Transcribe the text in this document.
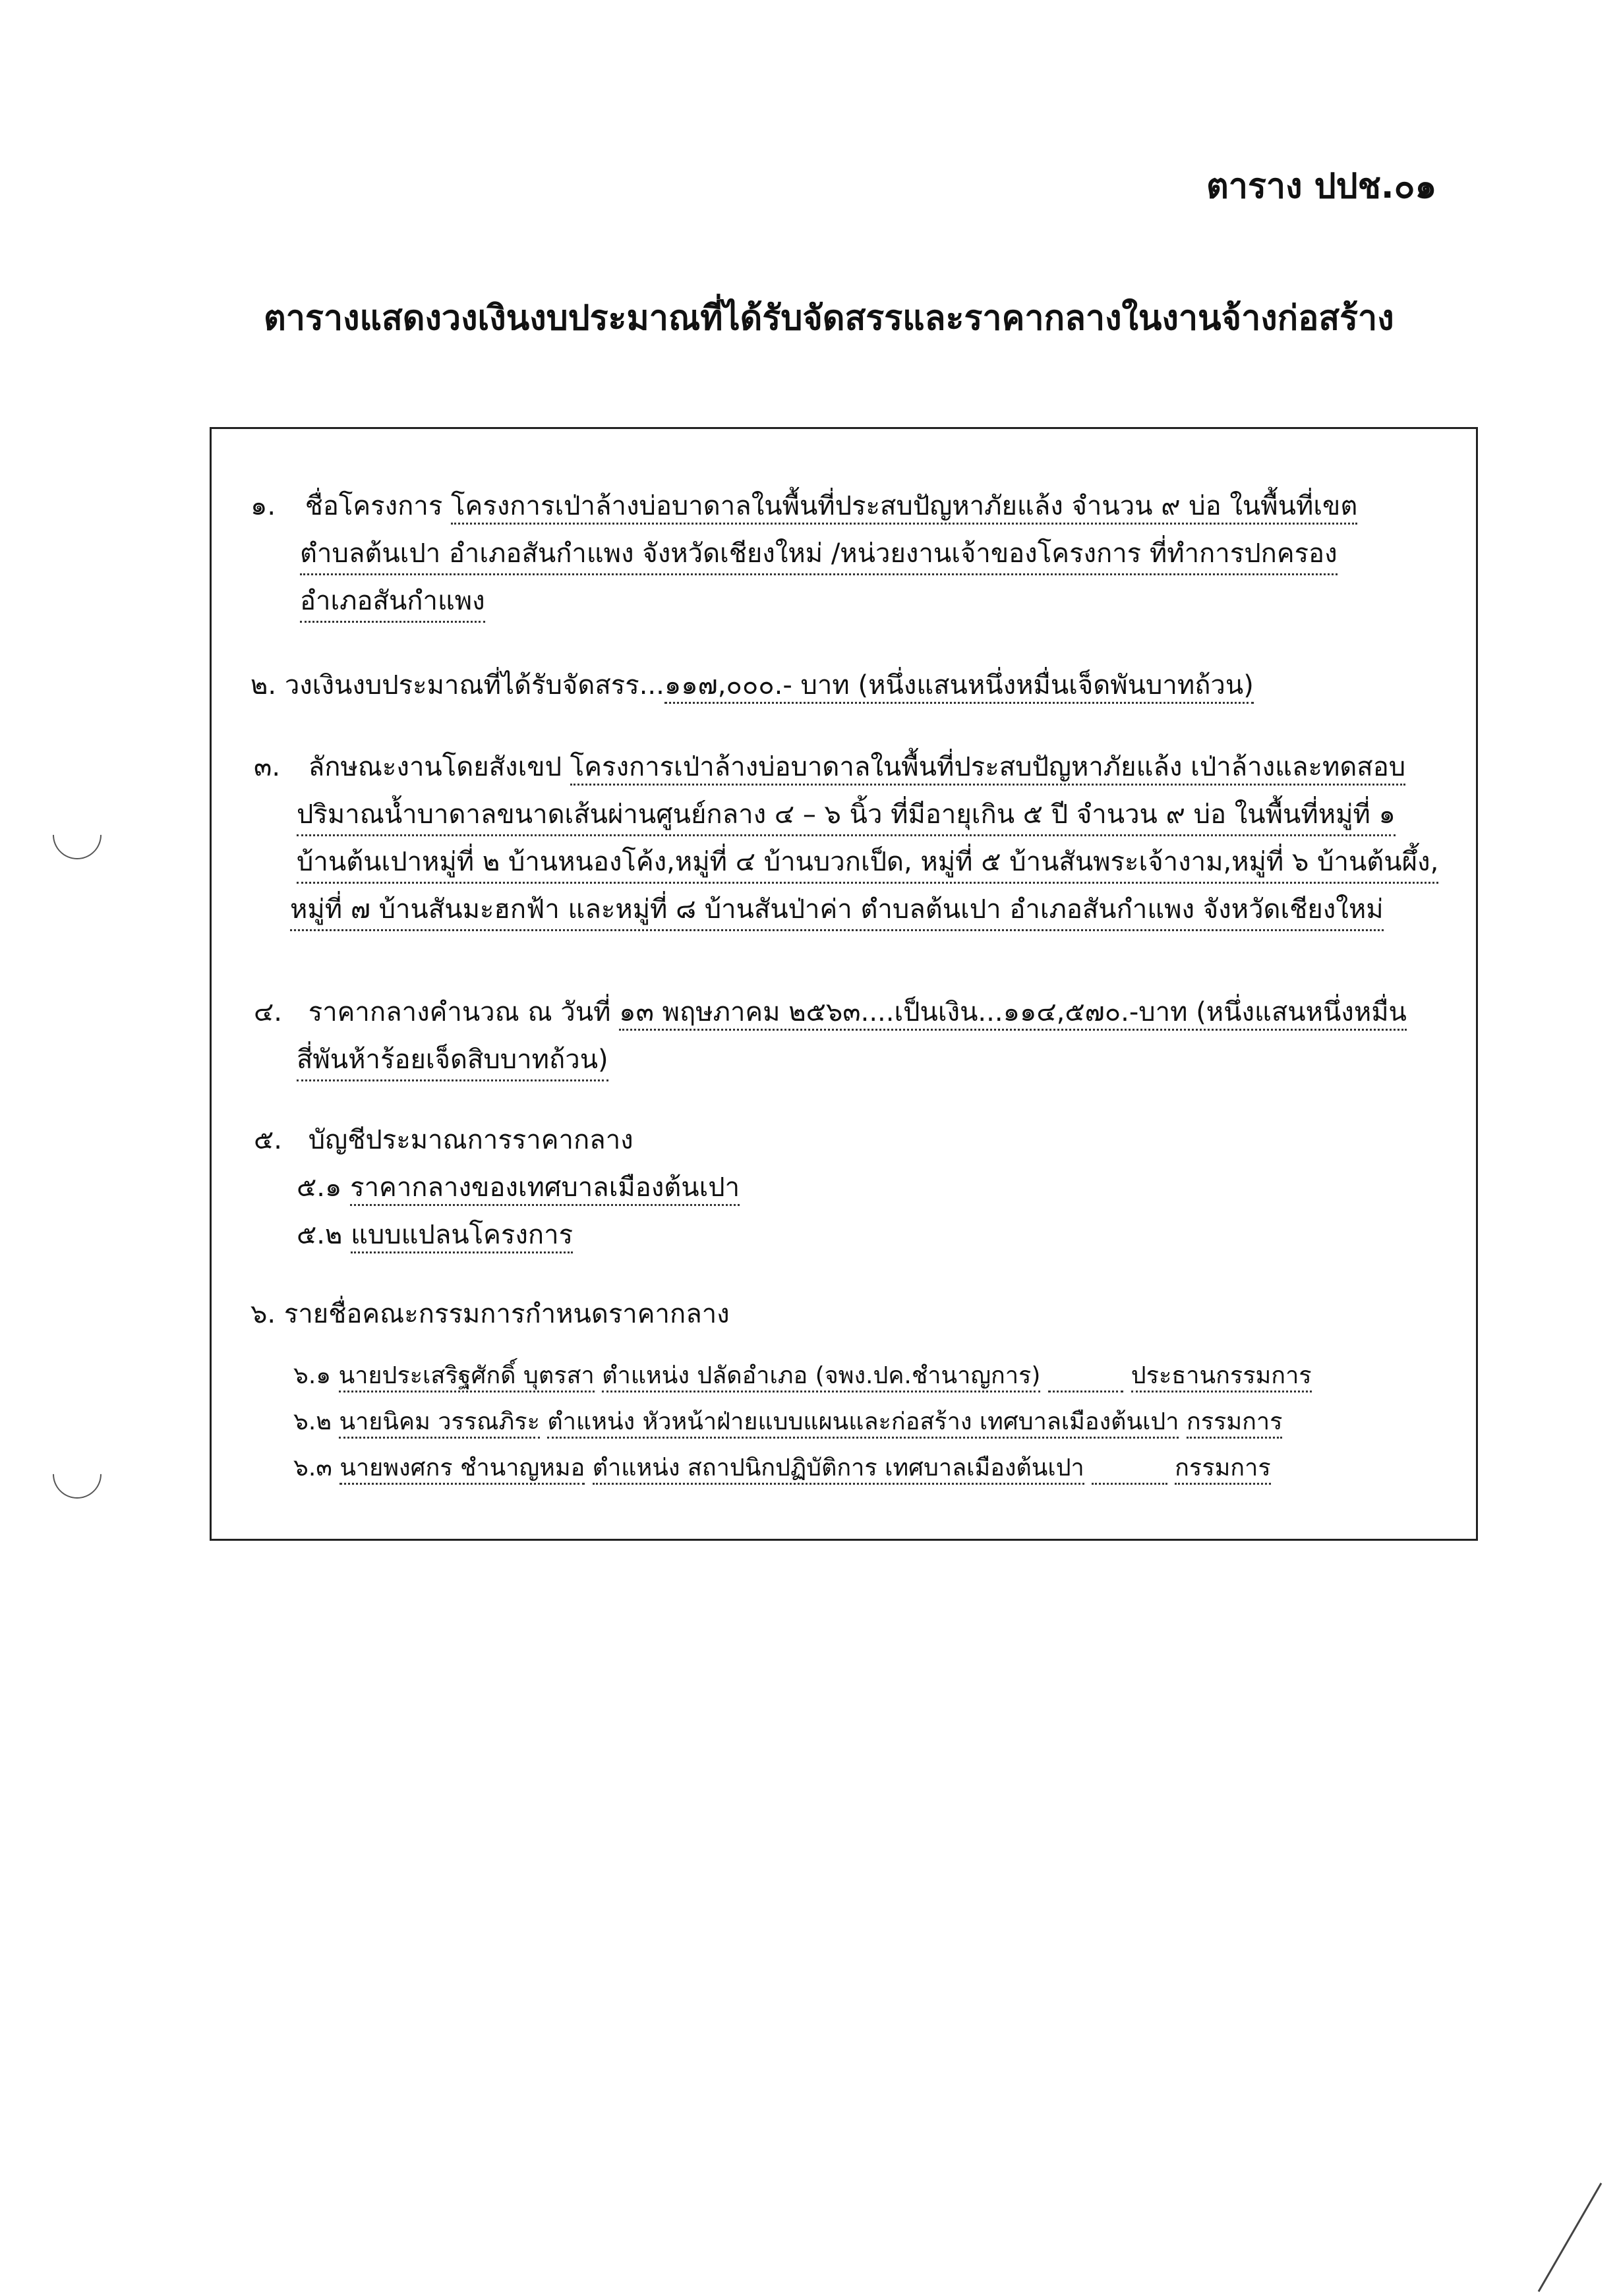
ตาราง ปปช.๐๑
ตารางแสดงวงเงินงบประมาณที่ได้รับจัดสรรและราคากลางในงานจ้างก่อสร้าง
๑. ชื่อโครงการ โครงการเป่าล้างบ่อบาดาลในพื้นที่ประสบปัญหาภัยแล้ง จำนวน ๙ บ่อ ในพื้นที่เขต
ตำบลต้นเปา อำเภอสันกำแพง จังหวัดเชียงใหม่ /หน่วยงานเจ้าของโครงการ ที่ทำการปกครอง
อำเภอสันกำแพง
๒. วงเงินงบประมาณที่ได้รับจัดสรร...๑๑๗,๐๐๐.- บาท (หนึ่งแสนหนึ่งหมื่นเจ็ดพันบาทถ้วน)
๓. ลักษณะงานโดยสังเขป โครงการเป่าล้างบ่อบาดาลในพื้นที่ประสบปัญหาภัยแล้ง เป่าล้างและทดสอบ
ปริมาณน้ำบาดาลขนาดเส้นผ่านศูนย์กลาง ๔ – ๖ นิ้ว ที่มีอายุเกิน ๕ ปี จำนวน ๙ บ่อ ในพื้นที่หมู่ที่ ๑
บ้านต้นเปาหมู่ที่ ๒ บ้านหนองโค้ง,หมู่ที่ ๔ บ้านบวกเป็ด, หมู่ที่ ๕ บ้านสันพระเจ้างาม,หมู่ที่ ๖ บ้านต้นผึ้ง,
หมู่ที่ ๗ บ้านสันมะฮกฟ้า และหมู่ที่ ๘ บ้านสันป่าค่า ตำบลต้นเปา อำเภอสันกำแพง จังหวัดเชียงใหม่
๔. ราคากลางคำนวณ ณ วันที่ ๑๓ พฤษภาคม ๒๕๖๓....เป็นเงิน...๑๑๔,๕๗๐.-บาท (หนึ่งแสนหนึ่งหมื่น
สี่พันห้าร้อยเจ็ดสิบบาทถ้วน)
๕. บัญชีประมาณการราคากลาง
๕.๑ ราคากลางของเทศบาลเมืองต้นเปา
๕.๒ แบบแปลนโครงการ
๖. รายชื่อคณะกรรมการกำหนดราคากลาง
๖.๑ นายประเสริฐศักดิ์ บุตรสา ตำแหน่ง ปลัดอำเภอ (จพง.ปค.ชำนาญการ)	ประธานกรรมการ
๖.๒ นายนิคม วรรณภิระ ตำแหน่ง หัวหน้าฝ่ายแบบแผนและก่อสร้าง เทศบาลเมืองต้นเปา กรรมการ
๖.๓ นายพงศกร ชำนาญหมอ ตำแหน่ง สถาปนิกปฏิบัติการ เทศบาลเมืองต้นเปา	กรรมการ
